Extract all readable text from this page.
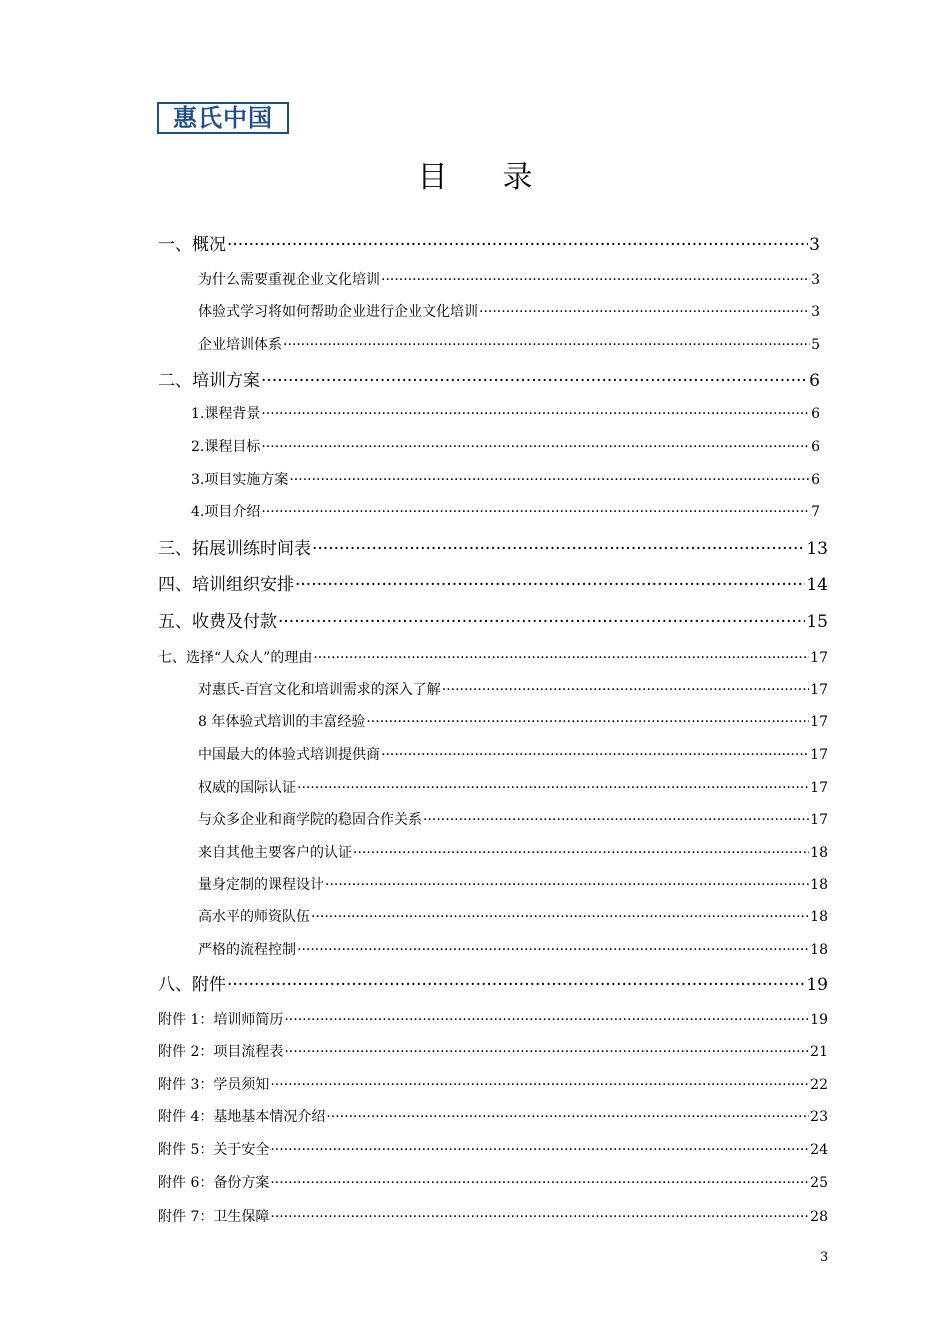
惠氏中国
目 录
一、概况 ·····	3
为什么需要重视企业文化培训 ·····	3
体验式学习将如何帮助企业进行企业文化培训 ·····	3
企业培训体系 ·····	5
二、培训方案 ·····	6
1.课程背景 ·····	6
2.课程目标 ·····	6
3.项目实施方案 ·····	6
4.项目介绍 ·····	7
三、拓展训练时间表 ·····	13
四、培训组织安排 ·····	14
五、收费及付款 ·····	15
七、选择“人众人”的理由 ·····	17
对惠氏-百宫文化和培训需求的深入了解 ·····	17
8 年体验式培训的丰富经验 ·····	17
中国最大的体验式培训提供商 ·····	17
权威的国际认证 ·····	17
与众多企业和商学院的稳固合作关系 ·····	17
来自其他主要客户的认证 ·····	18
量身定制的课程设计 ·····	18
高水平的师资队伍 ·····	18
严格的流程控制 ·····	18
八、附件 ·····	19
附件 1：培训师简历 ·····	19
附件 2：项目流程表 ·····	21
附件 3：学员须知 ·····	22
附件 4：基地基本情况介绍 ·····	23
附件 5：关于安全 ·····	24
附件 6：备份方案 ·····	25
附件 7：卫生保障 ·····	28
3
